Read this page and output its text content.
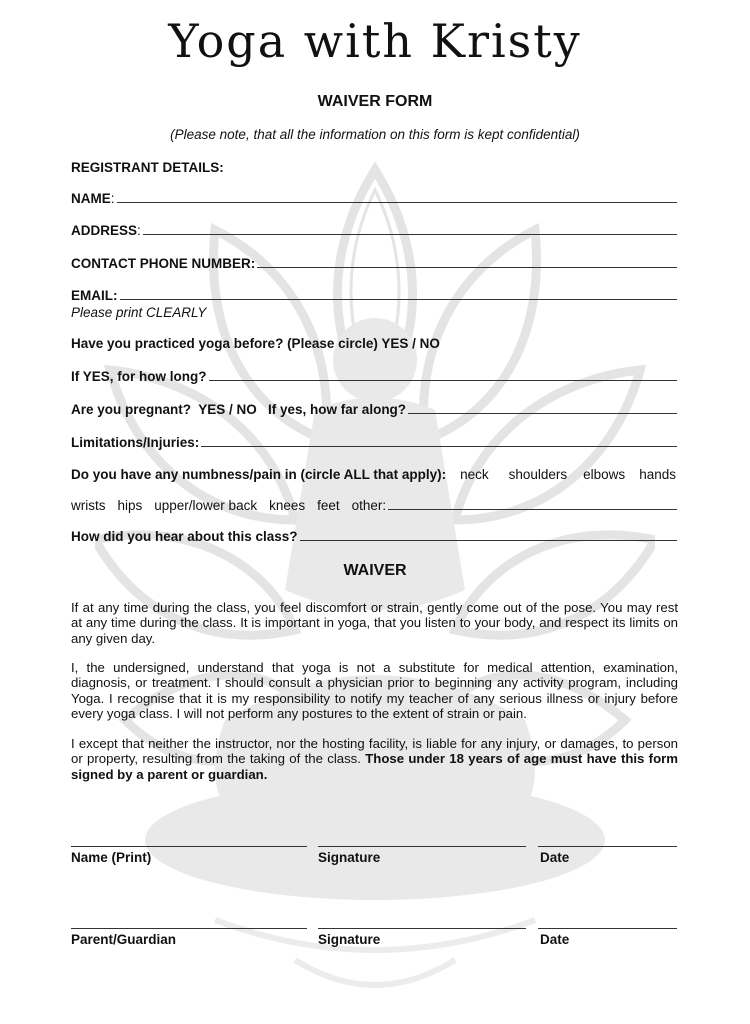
Yoga with Kristy
WAIVER FORM
(Please note, that all the information on this form is kept confidential)
REGISTRANT DETAILS:
NAME :
ADDRESS :
CONTACT PHONE NUMBER:
EMAIL:
Please print CLEARLY
Have you practiced yoga before? (Please circle) YES / NO
If YES, for how long?
Are you pregnant?  YES / NO   If yes, how far along?
Limitations/Injuries:
Do you have any numbness/pain in (circle ALL that apply): neck shoulders elbows hands
wrists hips upper/lower back knees feet other:
How did you hear about this class?
WAIVER

If at any time during the class, you feel discomfort or strain, gently come out of the pose. You may rest at any time during the class. It is important in yoga, that you listen to your body, and respect its limits on any given day.

I, the undersigned, understand that yoga is not a substitute for medical attention, examination, diagnosis, or treatment. I should consult a physician prior to beginning any activity program, including Yoga. I recognise that it is my responsibility to notify my teacher of any serious illness or injury before every yoga class. I will not perform any postures to the extent of strain or pain.

I except that neither the instructor, nor the hosting facility, is liable for any injury, or damages, to person or property, resulting from the taking of the class. Those under 18 years of age must have this form signed by a parent or guardian.

Name (Print)	Signature	Date
Parent/Guardian	Signature	Date
